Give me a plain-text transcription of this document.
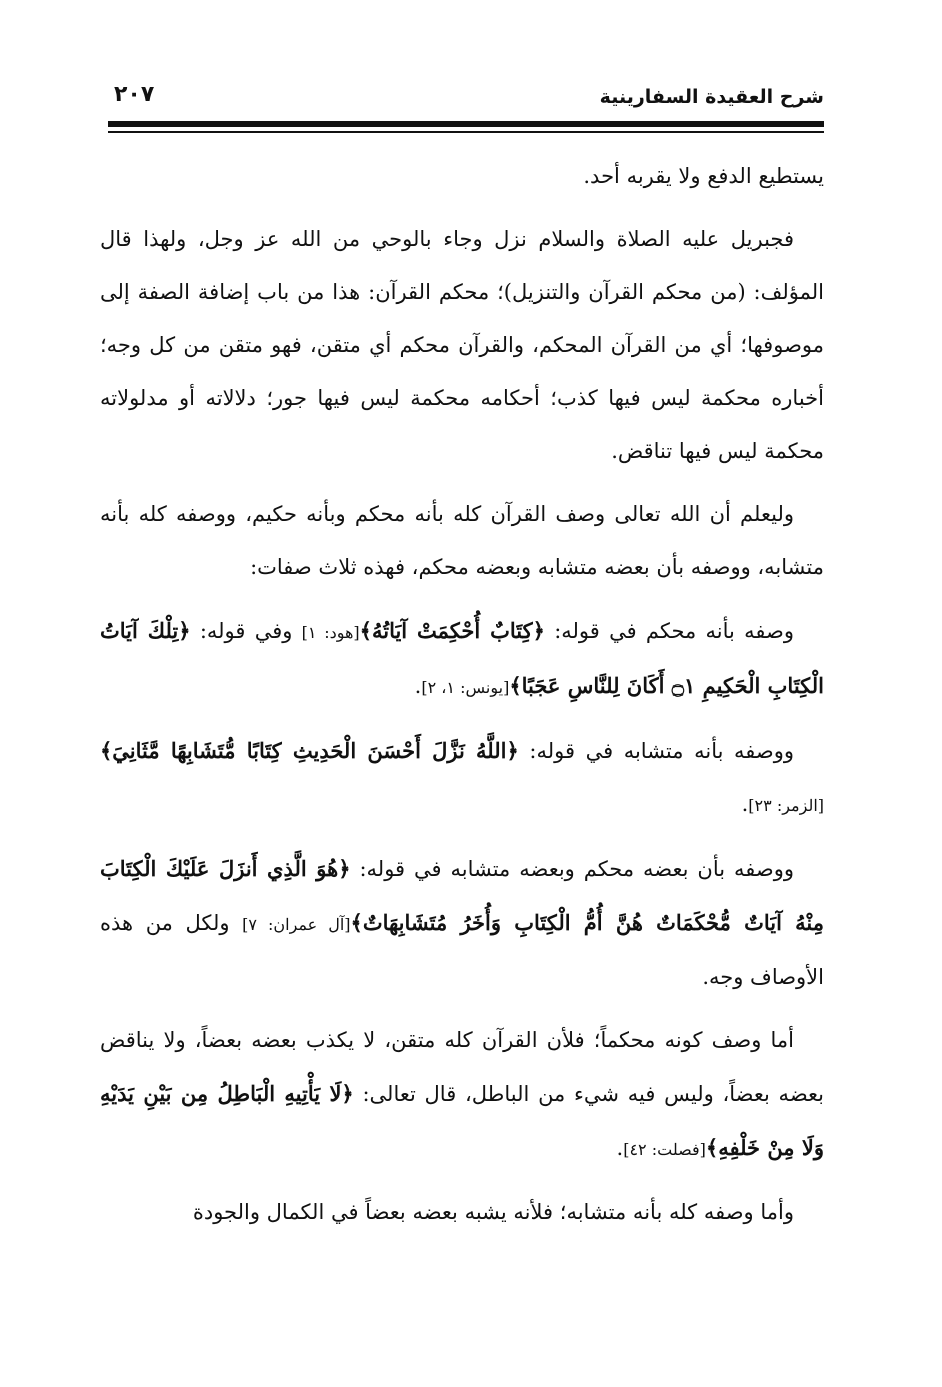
شرح العقيدة السفارينية
٢٠٧

يستطيع الدفع ولا يقربه أحد.

فجبريل عليه الصلاة والسلام نزل وجاء بالوحي من الله عز وجل، ولهذا قال المؤلف: (من محكم القرآن والتنزيل)؛ محكم القرآن: هذا من باب إضافة الصفة إلى موصوفها؛ أي من القرآن المحكم، والقرآن محكم أي متقن، فهو متقن من كل وجه؛ أخباره محكمة ليس فيها كذب؛ أحكامه محكمة ليس فيها جور؛ دلالاته أو مدلولاته محكمة ليس فيها تناقض.

وليعلم أن الله تعالى وصف القرآن كله بأنه محكم وبأنه حكيم، ووصفه كله بأنه متشابه، ووصفه بأن بعضه متشابه وبعضه محكم، فهذه ثلاث صفات:

وصفه بأنه محكم في قوله: ﴿كِتَابٌ أُحْكِمَتْ آيَاتُهُ﴾[هود: ١] وفي قوله: ﴿تِلْكَ آيَاتُ الْكِتَابِ الْحَكِيمِ ۝١ أَكَانَ لِلنَّاسِ عَجَبًا﴾[يونس: ١، ٢].

ووصفه بأنه متشابه في قوله: ﴿اللَّهُ نَزَّلَ أَحْسَنَ الْحَدِيثِ كِتَابًا مُّتَشَابِهًا مَّثَانِيَ﴾[الزمر: ٢٣].

ووصفه بأن بعضه محكم وبعضه متشابه في قوله: ﴿هُوَ الَّذِي أَنزَلَ عَلَيْكَ الْكِتَابَ مِنْهُ آيَاتٌ مُّحْكَمَاتٌ هُنَّ أُمُّ الْكِتَابِ وَأُخَرُ مُتَشَابِهَاتٌ﴾[آل عمران: ٧] ولكل من هذه الأوصاف وجه.

أما وصف كونه محكماً؛ فلأن القرآن كله متقن، لا يكذب بعضه بعضاً، ولا يناقض بعضه بعضاً، وليس فيه شيء من الباطل، قال تعالى: ﴿لَا يَأْتِيهِ الْبَاطِلُ مِن بَيْنِ يَدَيْهِ وَلَا مِنْ خَلْفِهِ﴾[فصلت: ٤٢].

وأما وصفه كله بأنه متشابه؛ فلأنه يشبه بعضه بعضاً في الكمال والجودة
